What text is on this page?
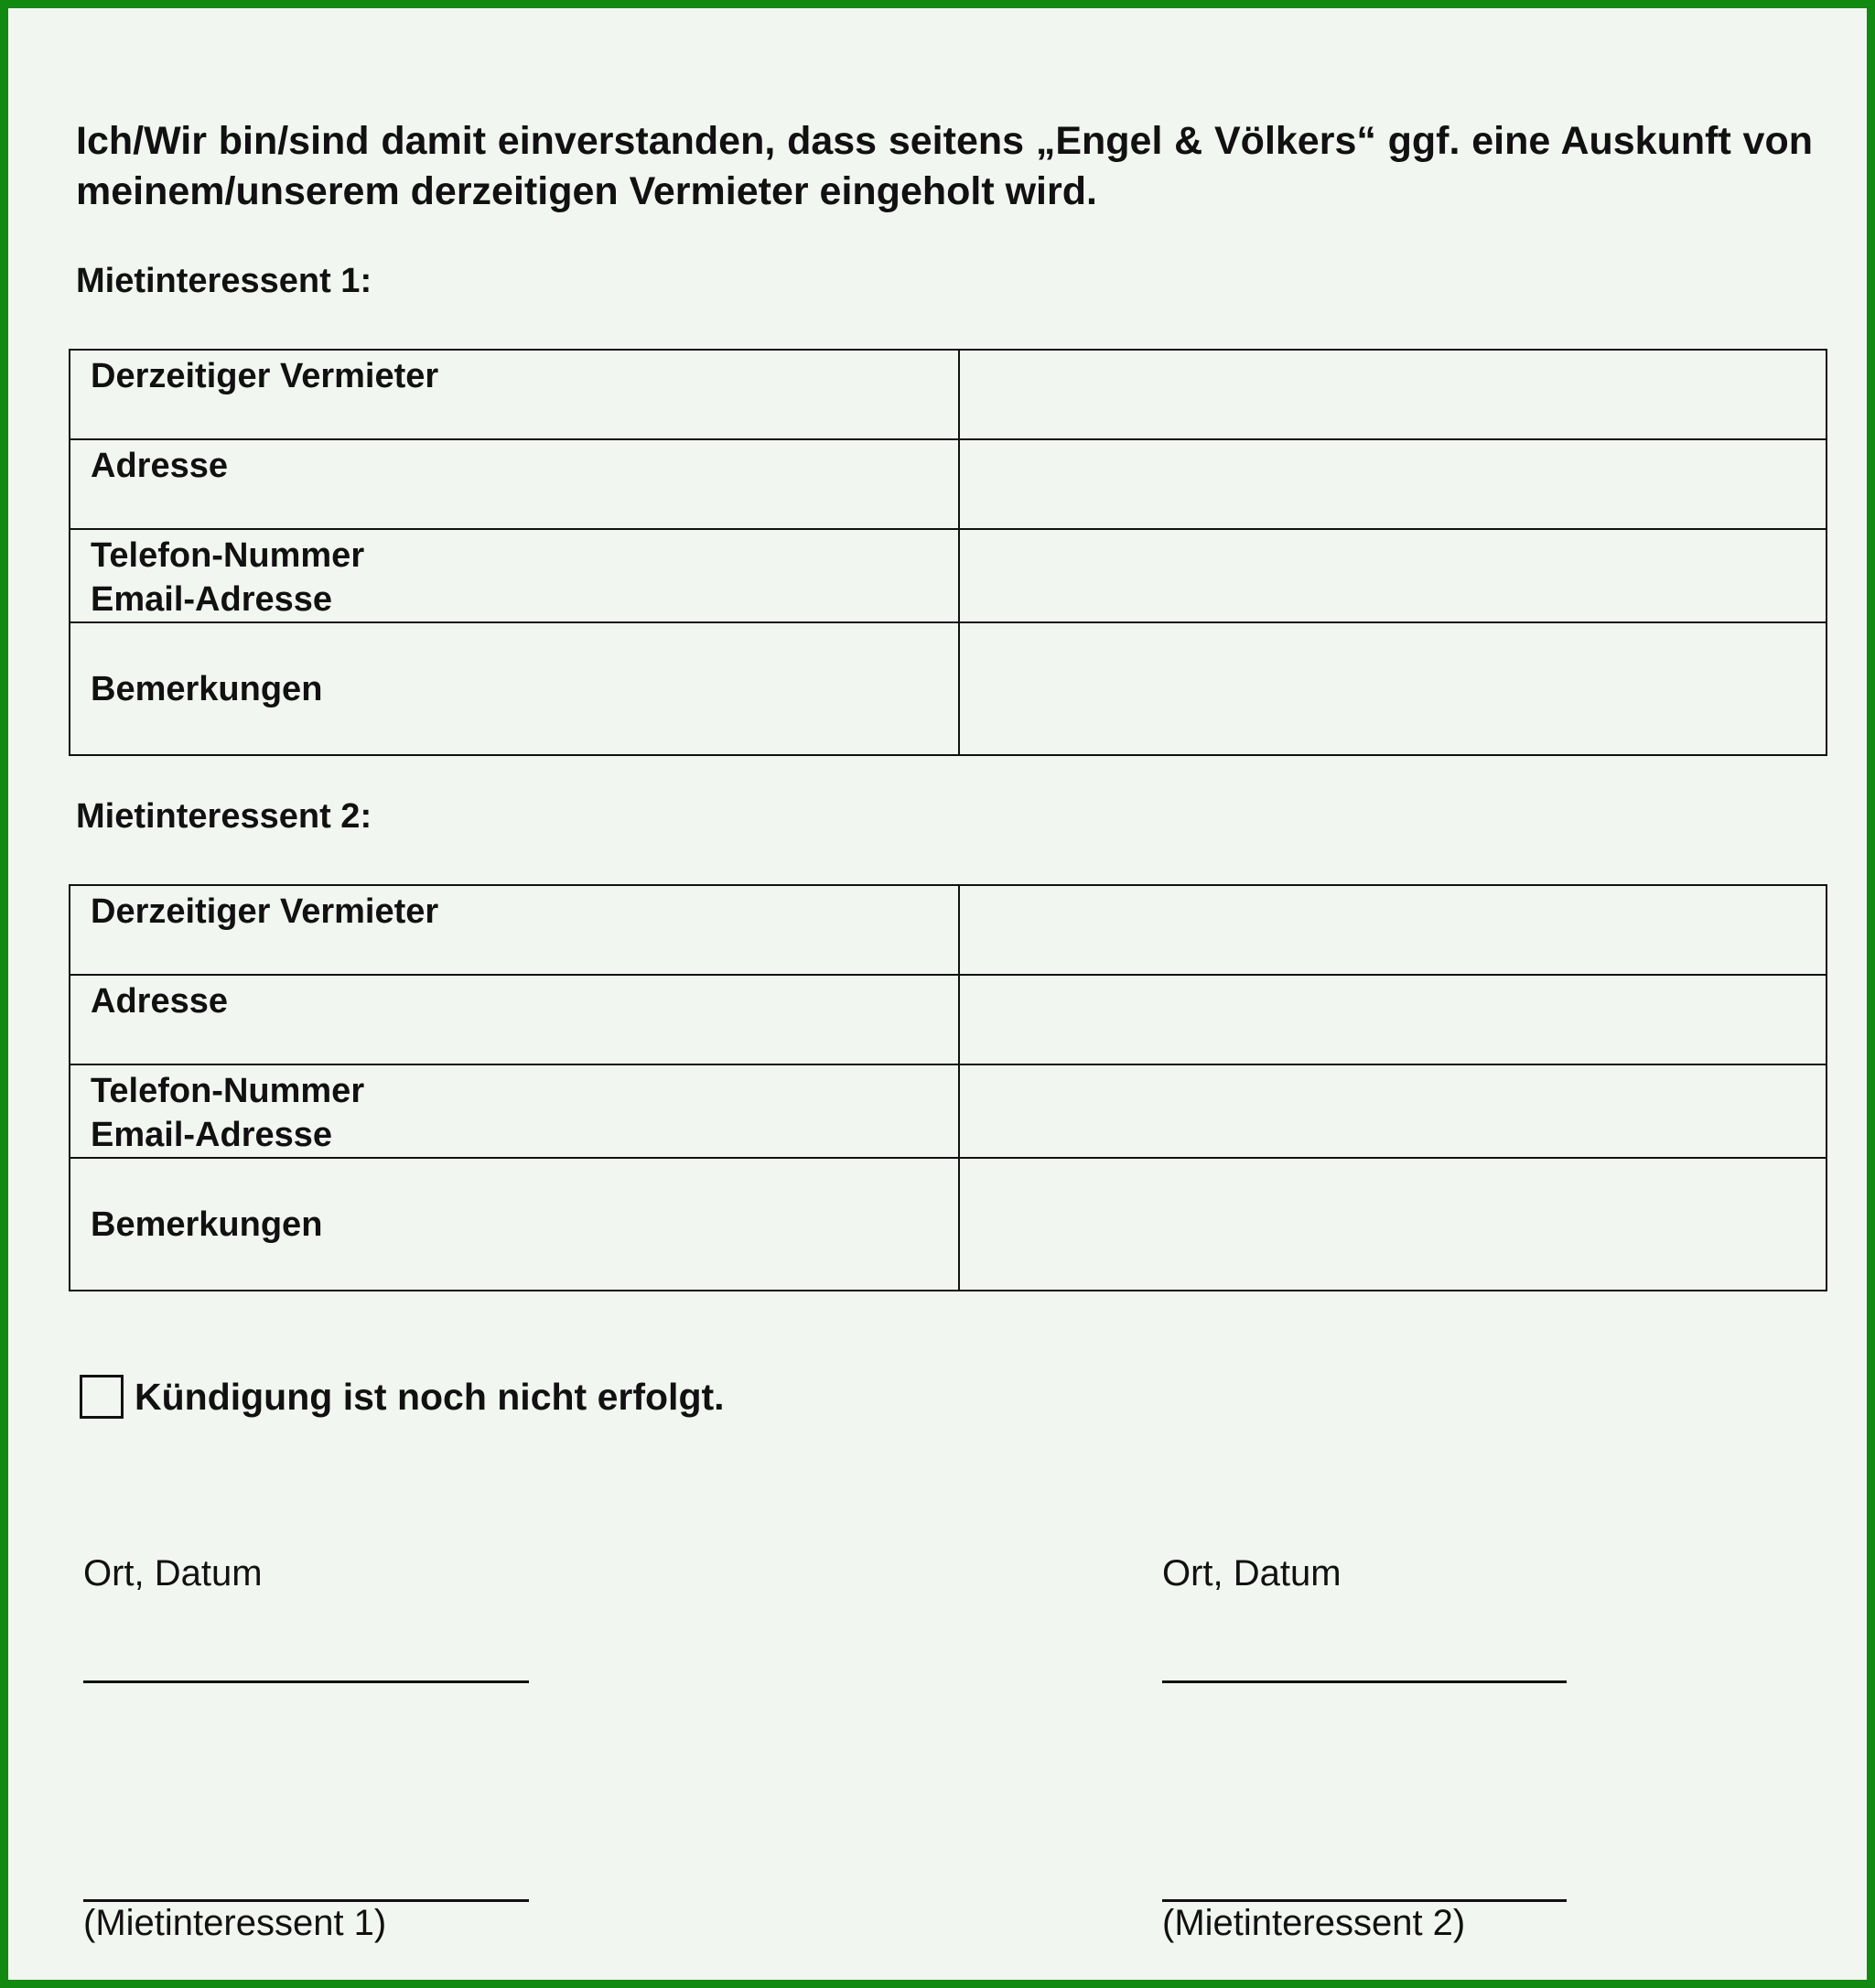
Ich/Wir bin/sind damit einverstanden, dass seitens „Engel & Völkers“ ggf. eine Auskunft von meinem/unserem derzeitigen Vermieter eingeholt wird.

Mietinteressent 1:

Derzeitiger Vermieter	
Adresse	

Telefon-Nummer
Email-Adresse	

Bemerkungen	

Mietinteressent 2:

Derzeitiger Vermieter	
Adresse	

Telefon-Nummer
Email-Adresse	

Bemerkungen	
Kündigung ist noch nicht erfolgt.

Ort, Datum

(Mietinteressent 1)

Ort, Datum

(Mietinteressent 2)
